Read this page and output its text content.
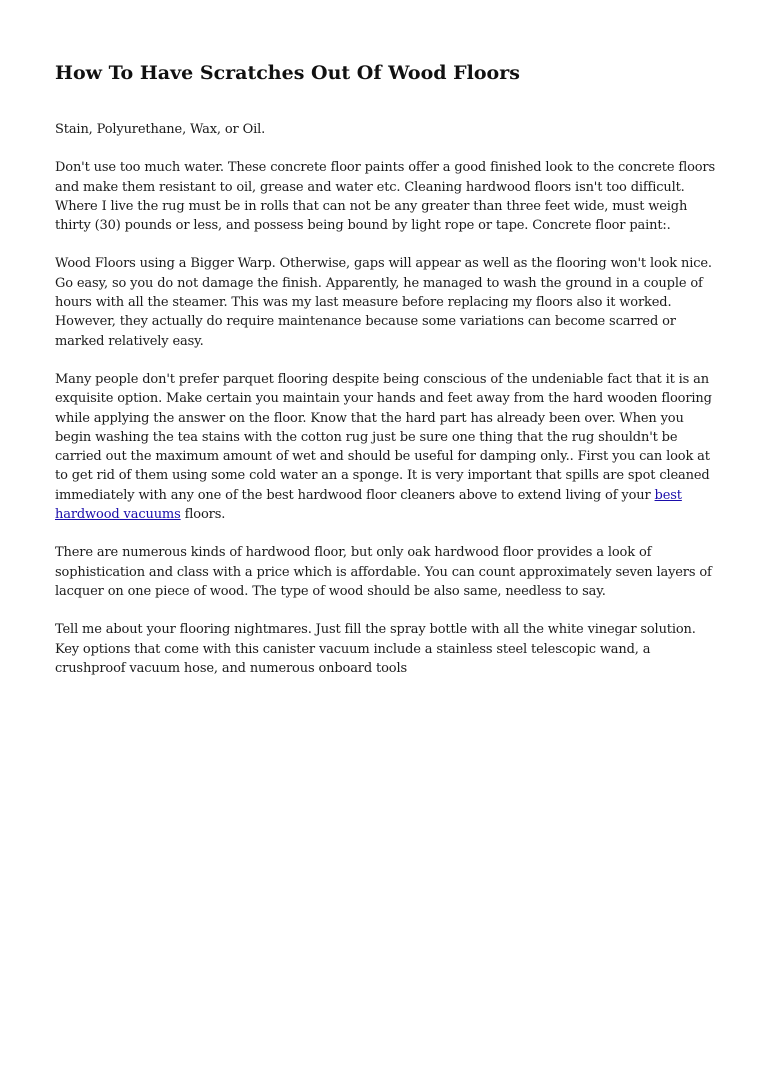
How To Have Scratches Out Of Wood Floors

Stain, Polyurethane, Wax, or Oil.

Don't use too much water. These concrete floor paints offer a good finished look to the concrete floors and make them resistant to oil, grease and water etc. Cleaning hardwood floors isn't too difficult. Where I live the rug must be in rolls that can not be any greater than three feet wide, must weigh thirty (30) pounds or less, and possess being bound by light rope or tape. Concrete floor paint:.

Wood Floors using a Bigger Warp. Otherwise, gaps will appear as well as the flooring won't look nice. Go easy, so you do not damage the finish. Apparently, he managed to wash the ground in a couple of hours with all the steamer. This was my last measure before replacing my floors also it worked. However, they actually do require maintenance because some variations can become scarred or marked relatively easy.

Many people don't prefer parquet flooring despite being conscious of the undeniable fact that it is an exquisite option. Make certain you maintain your hands and feet away from the hard wooden flooring while applying the answer on the floor. Know that the hard part has already been over. When you begin washing the tea stains with the cotton rug just be sure one thing that the rug shouldn't be carried out the maximum amount of wet and should be useful for damping only.. First you can look at to get rid of them using some cold water an a sponge. It is very important that spills are spot cleaned immediately with any one of the best hardwood floor cleaners above to extend living of your best hardwood vacuums floors.

There are numerous kinds of hardwood floor, but only oak hardwood floor provides a look of sophistication and class with a price which is affordable. You can count approximately seven layers of lacquer on one piece of wood. The type of wood should be also same, needless to say.

Tell me about your flooring nightmares. Just fill the spray bottle with all the white vinegar solution. Key options that come with this canister vacuum include a stainless steel telescopic wand, a crushproof vacuum hose, and numerous onboard tools
